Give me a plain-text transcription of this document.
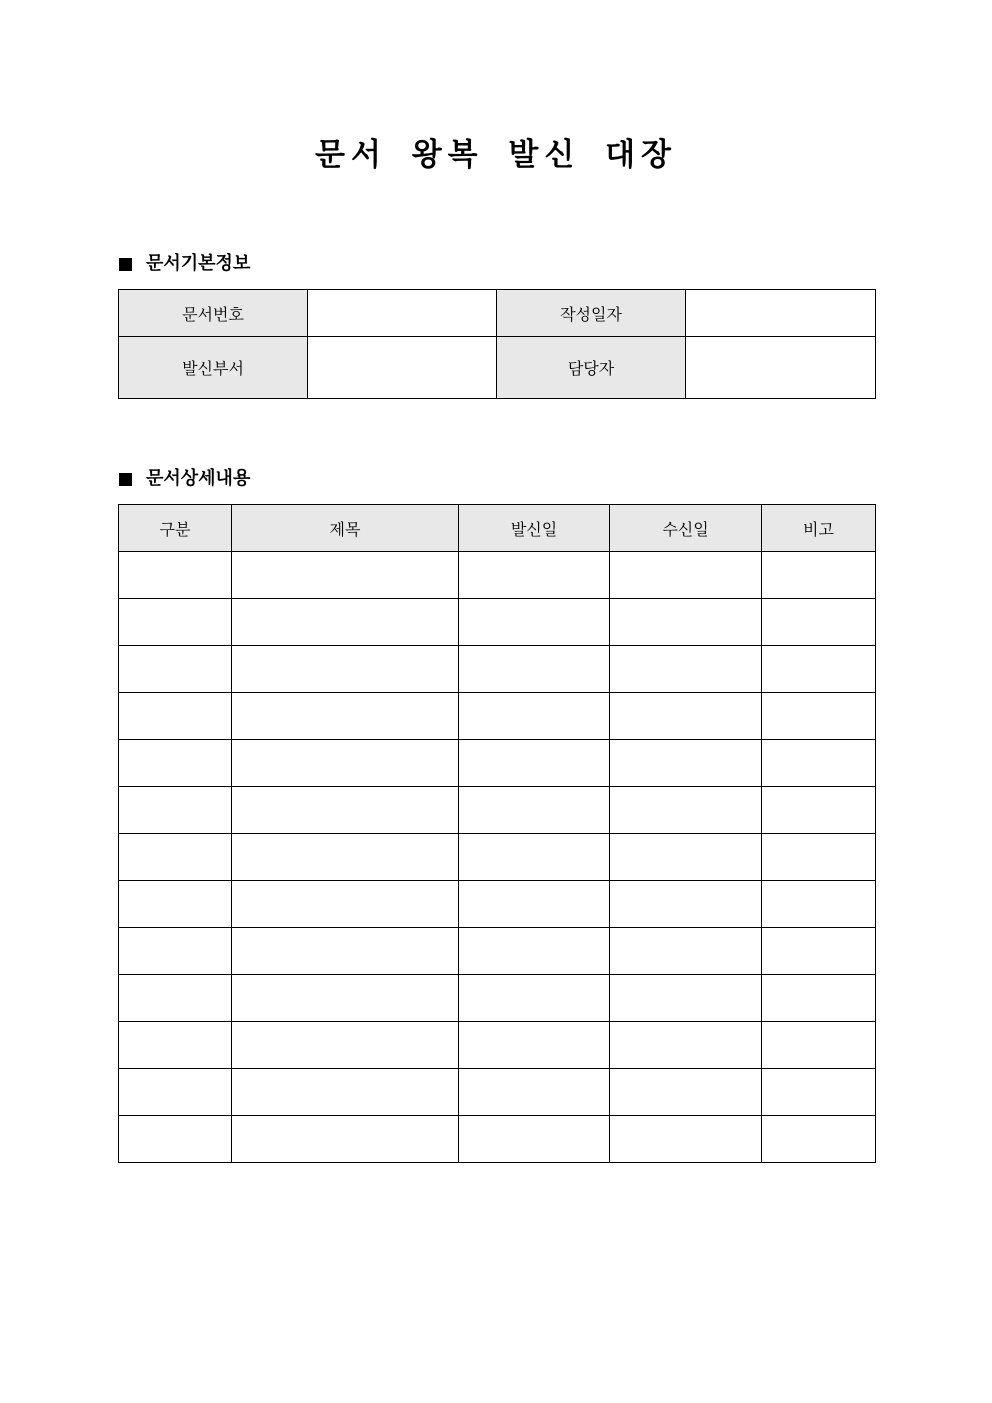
문서 왕복 발신 대장
문서기본정보
문서번호		작성일자	
발신부서		담당자	
문서상세내용
구분	제목	발신일	수신일	비고
